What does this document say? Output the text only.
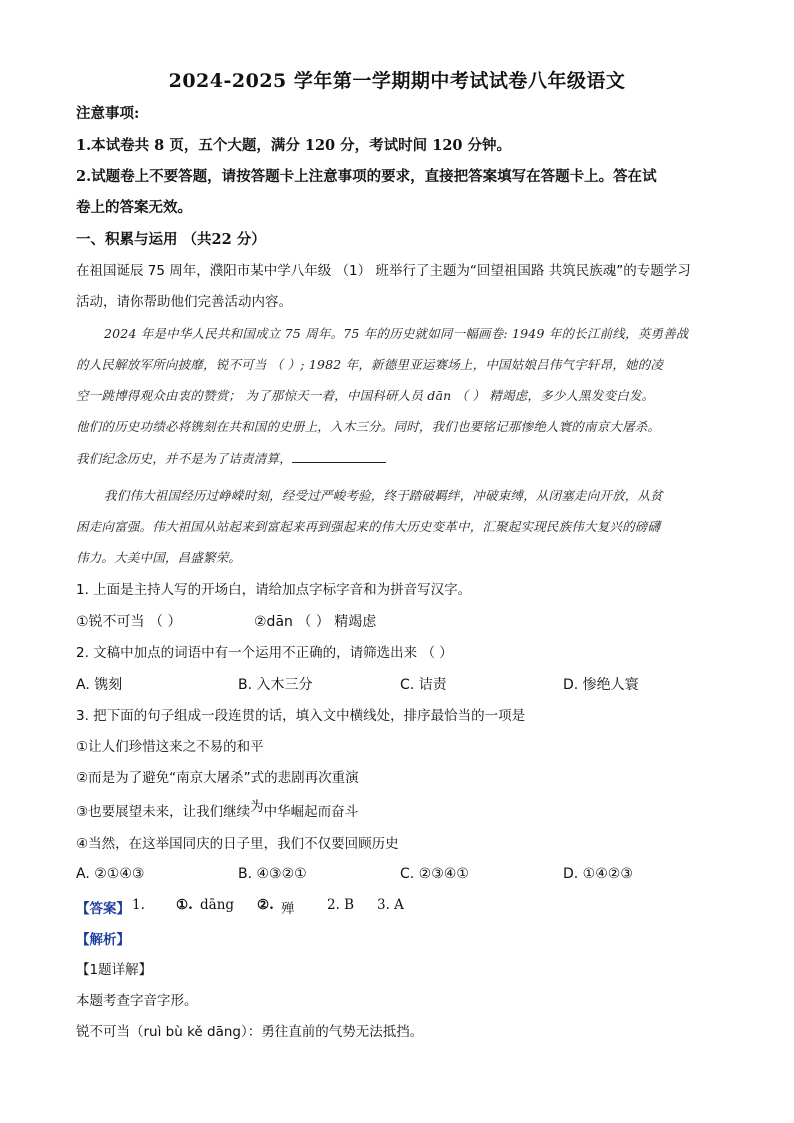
2024-2025 学年第一学期期中考试试卷八年级语文
注意事项:
1.本试卷共 8 页，五个大题，满分 120 分，考试时间 120 分钟。
2.试题卷上不要答题，请按答题卡上注意事项的要求，直接把答案填写在答题卡上。答在试
卷上的答案无效。
一、积累与运用 （共22 分）
在祖国诞辰 75 周年，濮阳市某中学八年级 （1） 班举行了主题为“回望祖国路 共筑民族魂”的专题学习
活动，请你帮助他们完善活动内容。
2024 年是中华人民共和国成立 75 周年。75 年的历史就如同一幅画卷: 1949 年的长江前线，英勇善战
的人民解放军所向披靡，锐不可当 （ ）; 1982 年，新德里亚运赛场上，中国姑娘吕伟气宇轩昂，她的凌
空一跳博得观众由衷的赞赏； 为了那惊天一着，中国科研人员 dān （ ） 精竭虑，多少人黑发变白发。
他们的历史功绩必将镌刻在共和国的史册上，入木三分。同时，我们也要铭记那惨绝人寰的南京大屠杀。
我们纪念历史，并不是为了诘责清算，
我们伟大祖国经历过峥嵘时刻，经受过严峻考验，终于踏破羁绊，冲破束缚，从闭塞走向开放，从贫
困走向富强。伟大祖国从站起来到富起来再到强起来的伟大历史变革中，汇聚起实现民族伟大复兴的磅礴
伟力。大美中国，昌盛繁荣。
1. 上面是主持人写的开场白，请给加点字标字音和为拼音写汉字。
①锐不可当 （ ）	②dān （ ） 精竭虑
2. 文稿中加点的词语中有一个运用不正确的，请筛选出来 （ ）
A. 镌刻	B. 入木三分	C. 诘责	D. 惨绝人寰
3. 把下面的句子组成一段连贯的话，填入文中横线处，排序最恰当的一项是
①让人们珍惜这来之不易的和平
②而是为了避免“南京大屠杀”式的悲剧再次重演
③也要展望未来，让我们继续为中华崛起而奋斗
④当然，在这举国同庆的日子里，我们不仅要回顾历史
A. ②①④③	B. ④③②①	C. ②③④①	D. ①④②③
【答案】 1. ①. dāng ②. 殚 2. B 3. A
【解析】
【1题详解】
本题考查字音字形。
锐不可当（ruì bù kě dāng）：勇往直前的气势无法抵挡。
